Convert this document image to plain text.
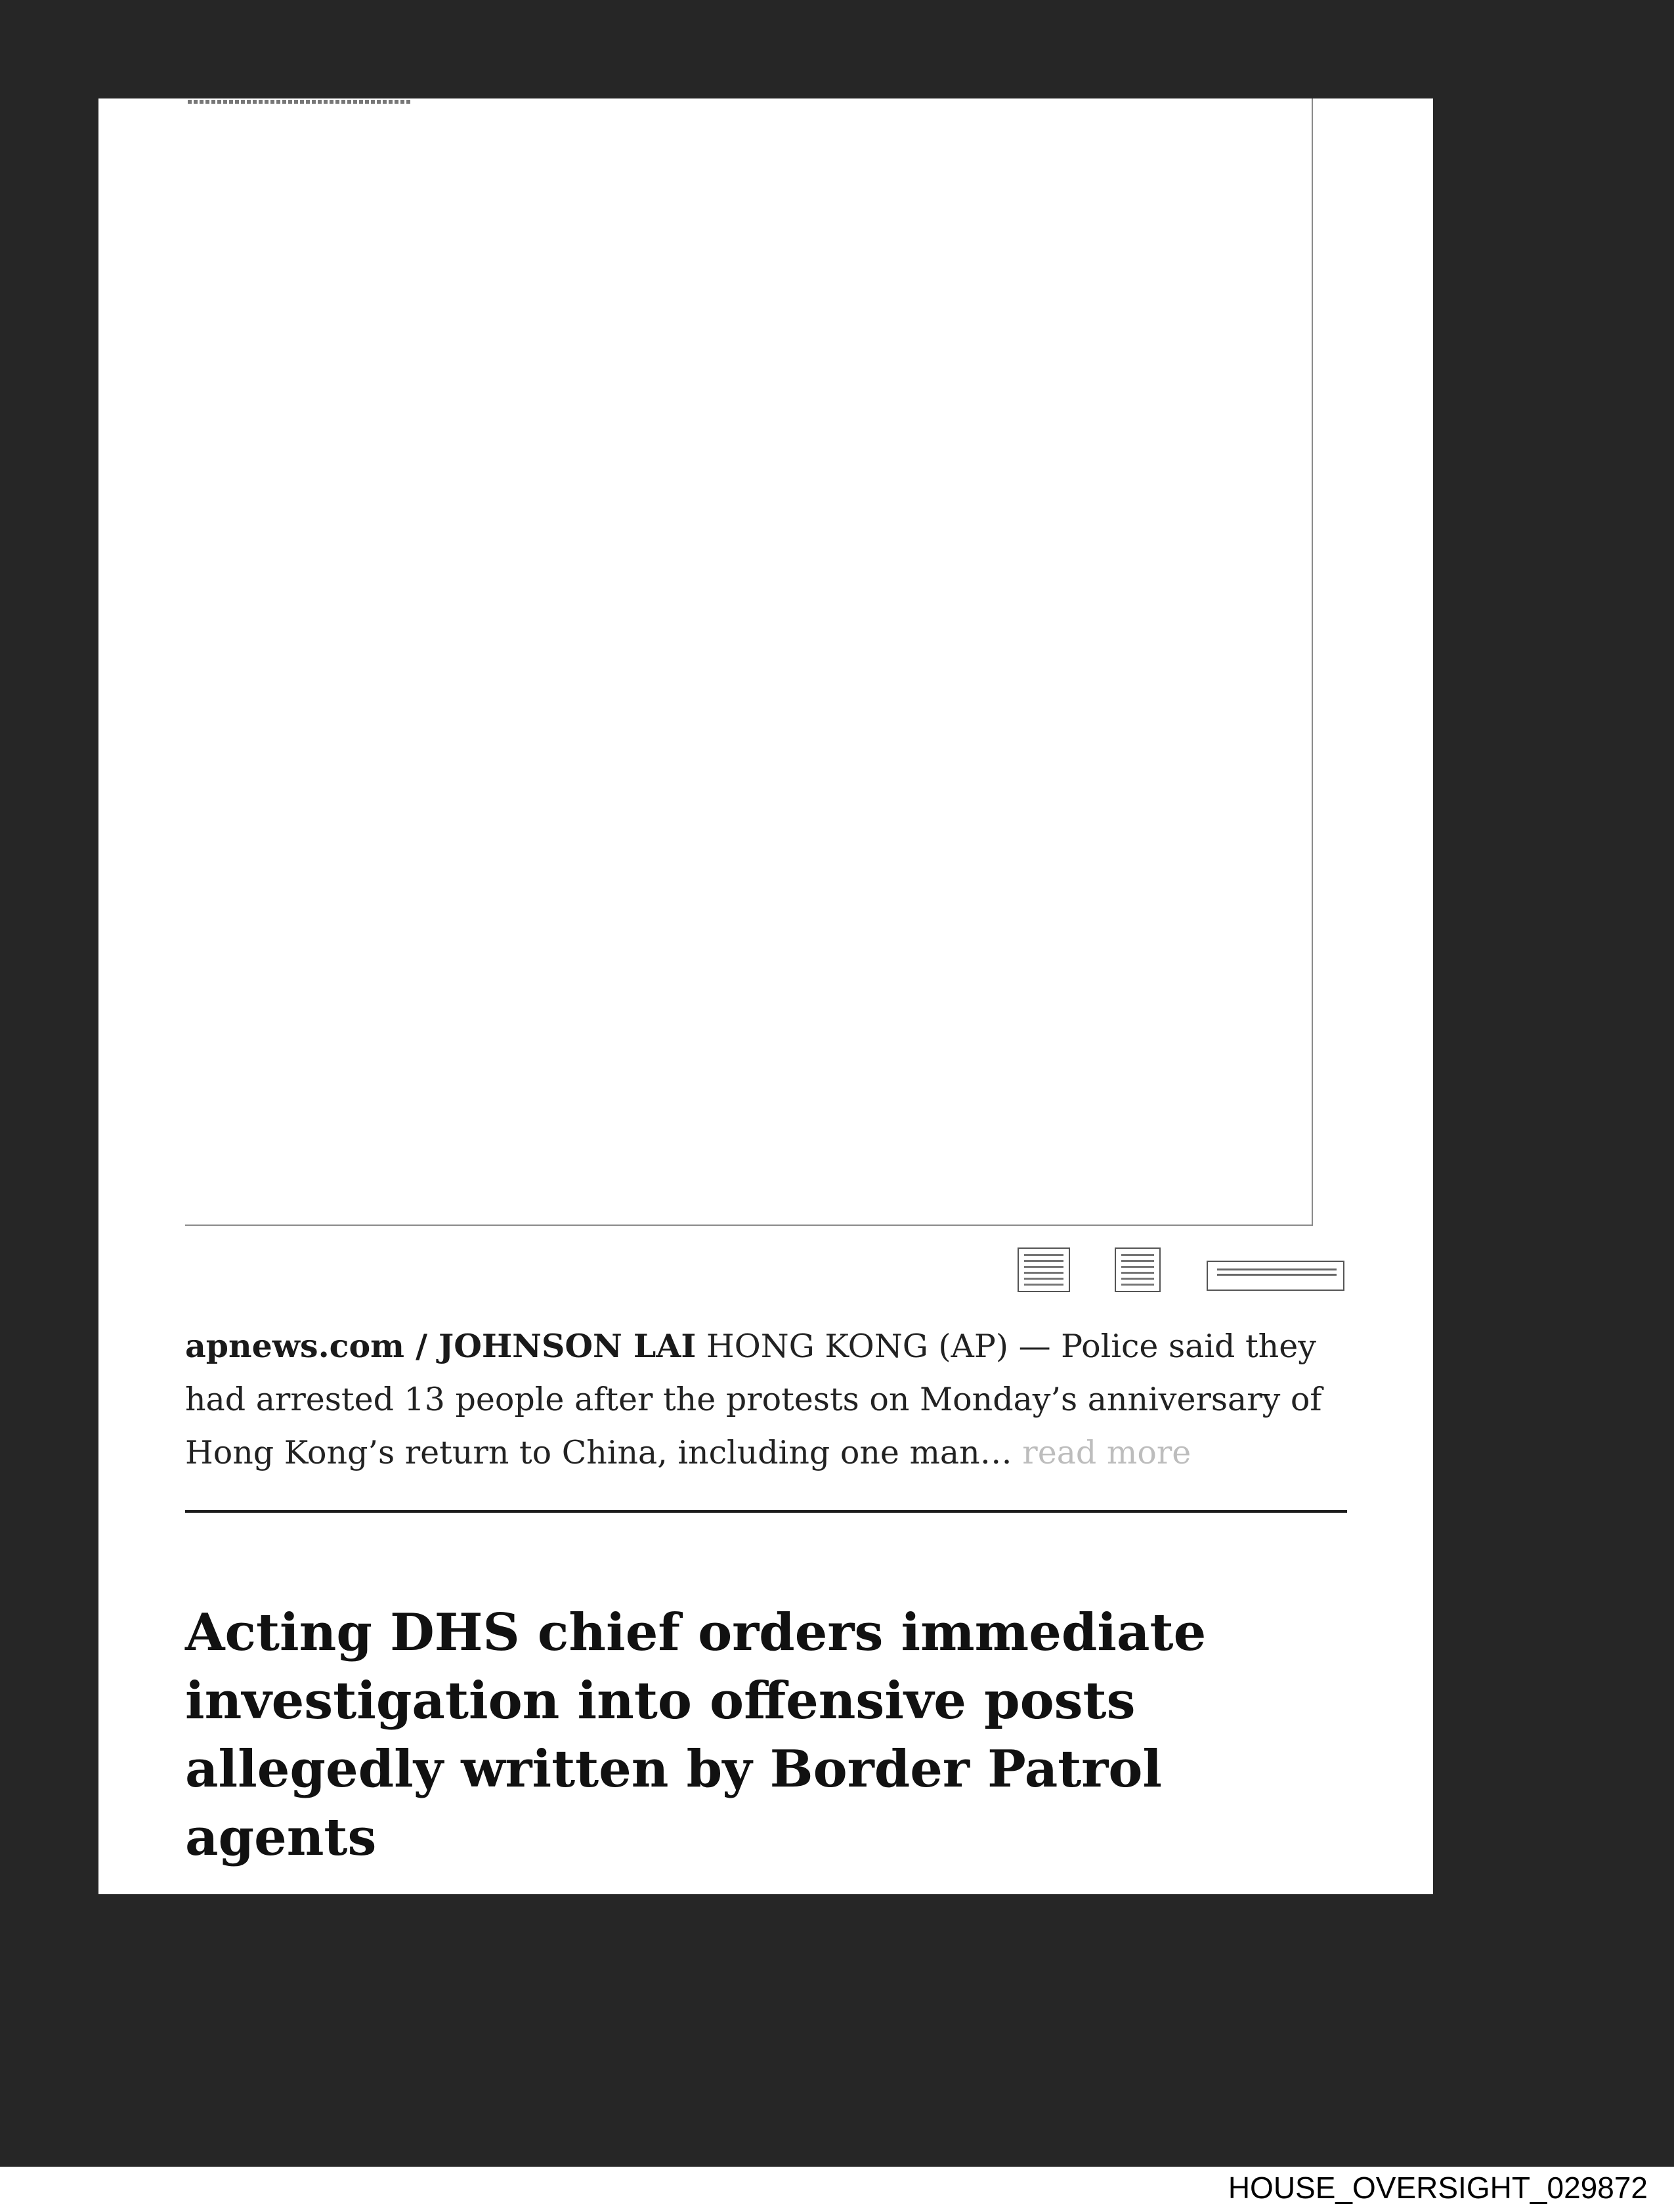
apnews.com / JOHNSON LAI HONG KONG (AP) — Police said they had arrested 13 people after the protests on Monday’s anniversary of Hong Kong’s return to China, including one man… read more

Acting DHS chief orders immediate investigation into offensive posts allegedly written by Border Patrol agents
HOUSE_OVERSIGHT_029872
